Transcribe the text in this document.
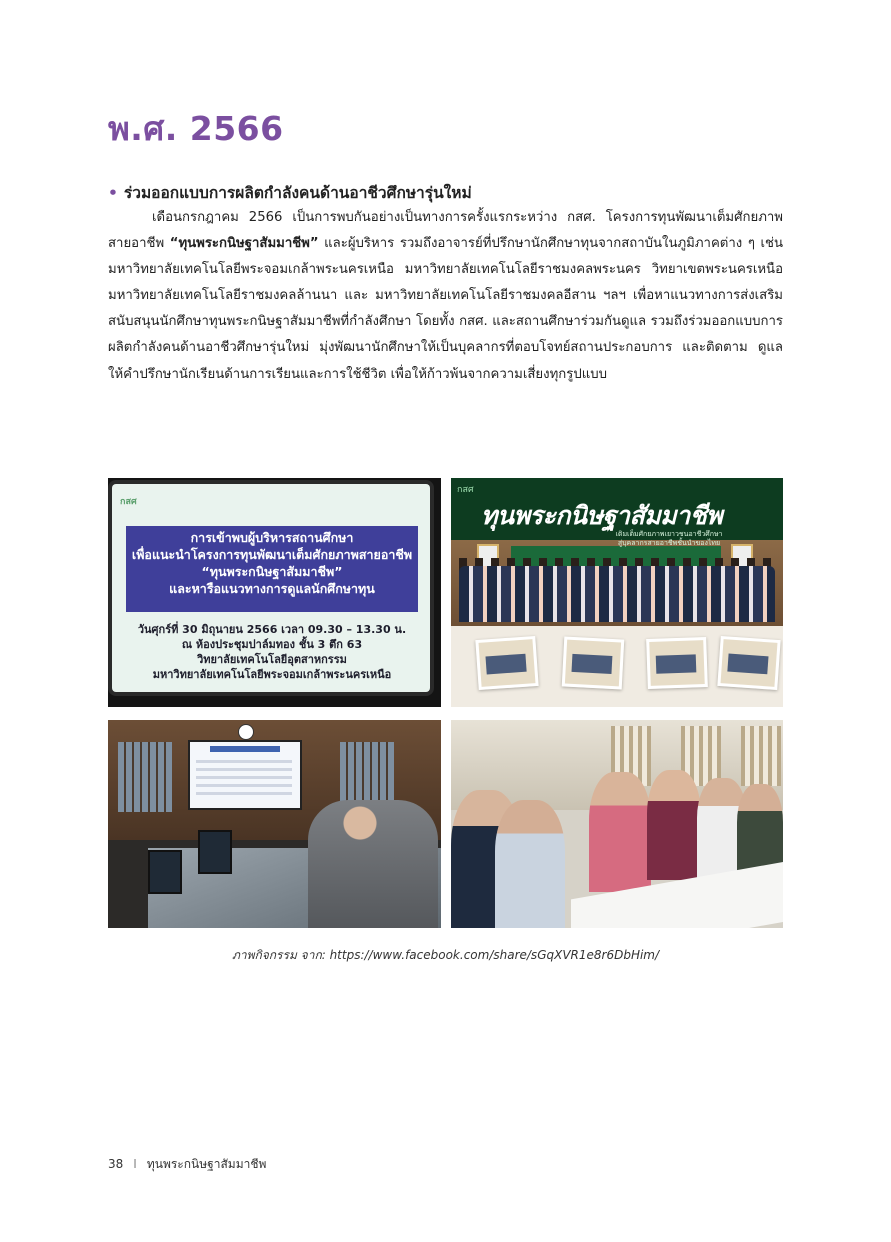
พ.ศ. 2566
• ร่วมออกแบบการผลิตกำลังคนด้านอาชีวศึกษารุ่นใหม่

เดือนกรกฎาคม 2566 เป็นการพบกันอย่างเป็นทางการครั้งแรกระหว่าง กสศ. โครงการทุนพัฒนาเต็มศักยภาพสายอาชีพ “ทุนพระกนิษฐาสัมมาชีพ” และผู้บริหาร รวมถึงอาจารย์ที่ปรึกษานักศึกษาทุนจากสถาบันในภูมิภาคต่าง ๆ เช่น มหาวิทยาลัยเทคโนโลยีพระจอมเกล้าพระนครเหนือ มหาวิทยาลัยเทคโนโลยีราชมงคลพระนคร วิทยาเขตพระนครเหนือ มหาวิทยาลัยเทคโนโลยีราชมงคลล้านนา และ มหาวิทยาลัยเทคโนโลยีราชมงคลอีสาน ฯลฯ เพื่อหาแนวทางการส่งเสริมสนับสนุนนักศึกษาทุนพระกนิษฐาสัมมาชีพที่กำลังศึกษา โดยทั้ง กสศ. และสถานศึกษาร่วมกันดูแล รวมถึงร่วมออกแบบการผลิตกำลังคนด้านอาชีวศึกษารุ่นใหม่ มุ่งพัฒนานักศึกษาให้เป็นบุคลากรที่ตอบโจทย์สถานประกอบการ และติดตาม ดูแล ให้คำปรึกษานักเรียนด้านการเรียนและการใช้ชีวิต เพื่อให้ก้าวพ้นจากความเสี่ยงทุกรูปแบบ

กสศ
การเข้าพบผู้บริหารสถานศึกษา
เพื่อแนะนำโครงการทุนพัฒนาเต็มศักยภาพสายอาชีพ
“ทุนพระกนิษฐาสัมมาชีพ”
และหารือแนวทางการดูแลนักศึกษาทุน
วันศุกร์ที่ 30 มิถุนายน 2566 เวลา 09.30 – 13.30 น.
ณ ห้องประชุมปาล์มทอง ชั้น 3 ตึก 63
วิทยาลัยเทคโนโลยีอุตสาหกรรม
มหาวิทยาลัยเทคโนโลยีพระจอมเกล้าพระนครเหนือ
กสศ
ทุนพระกนิษฐาสัมมาชีพ
เติมเต็มศักยภาพเยาวชนอาชีวศึกษา
สู่บุคลากรสายอาชีพชั้นนำของไทย

ภาพกิจกรรม จาก: https://www.facebook.com/share/sGqXVR1e8r6DbHim/

38 I ทุนพระกนิษฐาสัมมาชีพ
